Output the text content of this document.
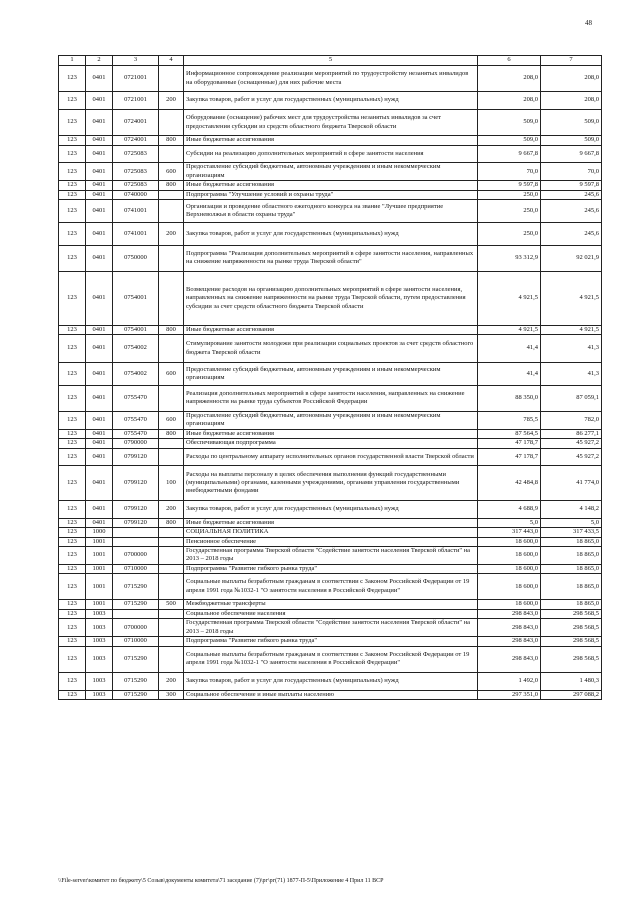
48
1	2	3	4	5	6	7
123	0401	0721001		Информационное сопровождение реализации мероприятий по трудоустройству незанятых инвалидов на оборудованные (оснащенные) для них рабочие места	208,0	208,0
123	0401	0721001	200	Закупка товаров, работ и услуг для государственных (муниципальных) нужд	208,0	208,0
123	0401	0724001		Оборудование (оснащение) рабочих мест для трудоустройства незанятых инвалидов за счет предоставления субсидии из средств областного бюджета Тверской области	509,0	509,0
123	0401	0724001	800	Иные бюджетные ассигнования	509,0	509,0
123	0401	0725083		Субсидии на реализацию дополнительных мероприятий в сфере занятости населения	9 667,8	9 667,8
123	0401	0725083	600	Предоставление субсидий бюджетным, автономным учреждениям и иным некоммерческим организациям	70,0	70,0
123	0401	0725083	800	Иные бюджетные ассигнования	9 597,8	9 597,8
123	0401	0740000		Подпрограмма "Улучшение условий и охраны труда"	250,0	245,6
123	0401	0741001		Организация и проведение областного ежегодного конкурса на звание "Лучшее предприятие Верхневолжья в области охраны труда"	250,0	245,6
123	0401	0741001	200	Закупка товаров, работ и услуг для государственных (муниципальных) нужд	250,0	245,6
123	0401	0750000		Подпрограмма "Реализация дополнительных мероприятий в сфере занятости населения, направленных на снижение напряженности на рынке труда Тверской области"	93 312,9	92 021,9
123	0401	0754001		Возмещение расходов на организацию дополнительных мероприятий в сфере занятости населения, направленных на снижение напряженности на рынке труда Тверской области, путем предоставления субсидии за счет средств областного бюджета Тверской области	4 921,5	4 921,5
123	0401	0754001	800	Иные бюджетные ассигнования	4 921,5	4 921,5
123	0401	0754002		Стимулирование занятости молодежи при реализации социальных проектов за счет средств областного бюджета Тверской области	41,4	41,3
123	0401	0754002	600	Предоставление субсидий бюджетным, автономным учреждениям и иным некоммерческим организациям	41,4	41,3
123	0401	0755470		Реализация дополнительных мероприятий в сфере занятости населения, направленных на снижение напряженности на рынке труда субъектов Российской Федерации	88 350,0	87 059,1
123	0401	0755470	600	Предоставление субсидий бюджетным, автономным учреждениям и иным некоммерческим организациям	785,5	782,0
123	0401	0755470	800	Иные бюджетные ассигнования	87 564,5	86 277,1
123	0401	0790000		Обеспечивающая подпрограмма	47 178,7	45 927,2
123	0401	0799120		Расходы по центральному аппарату исполнительных органов государственной власти Тверской области	47 178,7	45 927,2
123	0401	0799120	100	Расходы на выплаты персоналу в целях обеспечения выполнения функций государственными (муниципальными) органами, казенными учреждениями, органами управления государственными внебюджетными фондами	42 484,8	41 774,0
123	0401	0799120	200	Закупка товаров, работ и услуг для государственных (муниципальных) нужд	4 688,9	4 148,2
123	0401	0799120	800	Иные бюджетные ассигнования	5,0	5,0
123	1000			СОЦИАЛЬНАЯ ПОЛИТИКА	317 443,0	317 433,5
123	1001			Пенсионное обеспечение	18 600,0	18 865,0
123	1001	0700000		Государственная программа Тверской области "Содействие занятости населения Тверской области" на 2013 – 2018 годы	18 600,0	18 865,0
123	1001	0710000		Подпрограмма "Развитие гибкого рынка труда"	18 600,0	18 865,0
123	1001	0715290		Социальные выплаты безработным гражданам в соответствии с Законом Российской Федерации от 19 апреля 1991 года №1032-1 "О занятости населения в Российской Федерации"	18 600,0	18 865,0
123	1001	0715290	500	Межбюджетные трансферты	18 600,0	18 865,0
123	1003			Социальное обеспечение населения	298 843,0	298 568,5
123	1003	0700000		Государственная программа Тверской области "Содействие занятости населения Тверской области" на 2013 – 2018 годы	298 843,0	298 568,5
123	1003	0710000		Подпрограмма "Развитие гибкого рынка труда"	298 843,0	298 568,5
123	1003	0715290		Социальные выплаты безработным гражданам в соответствии с Законом Российской Федерации от 19 апреля 1991 года №1032-1 "О занятости населения в Российской Федерации"	298 843,0	298 568,5
123	1003	0715290	200	Закупка товаров, работ и услуг для государственных (муниципальных) нужд	1 492,0	1 480,3
123	1003	0715290	300	Социальное обеспечение и иные выплаты населению	297 351,0	297 088,2
\\File-server\комитет по бюджету\5 Созыв\документы комитета\71 заседание (7)\рг\рг(71) 1877-П-5\Приложение 4 Прил 11 ВСР
